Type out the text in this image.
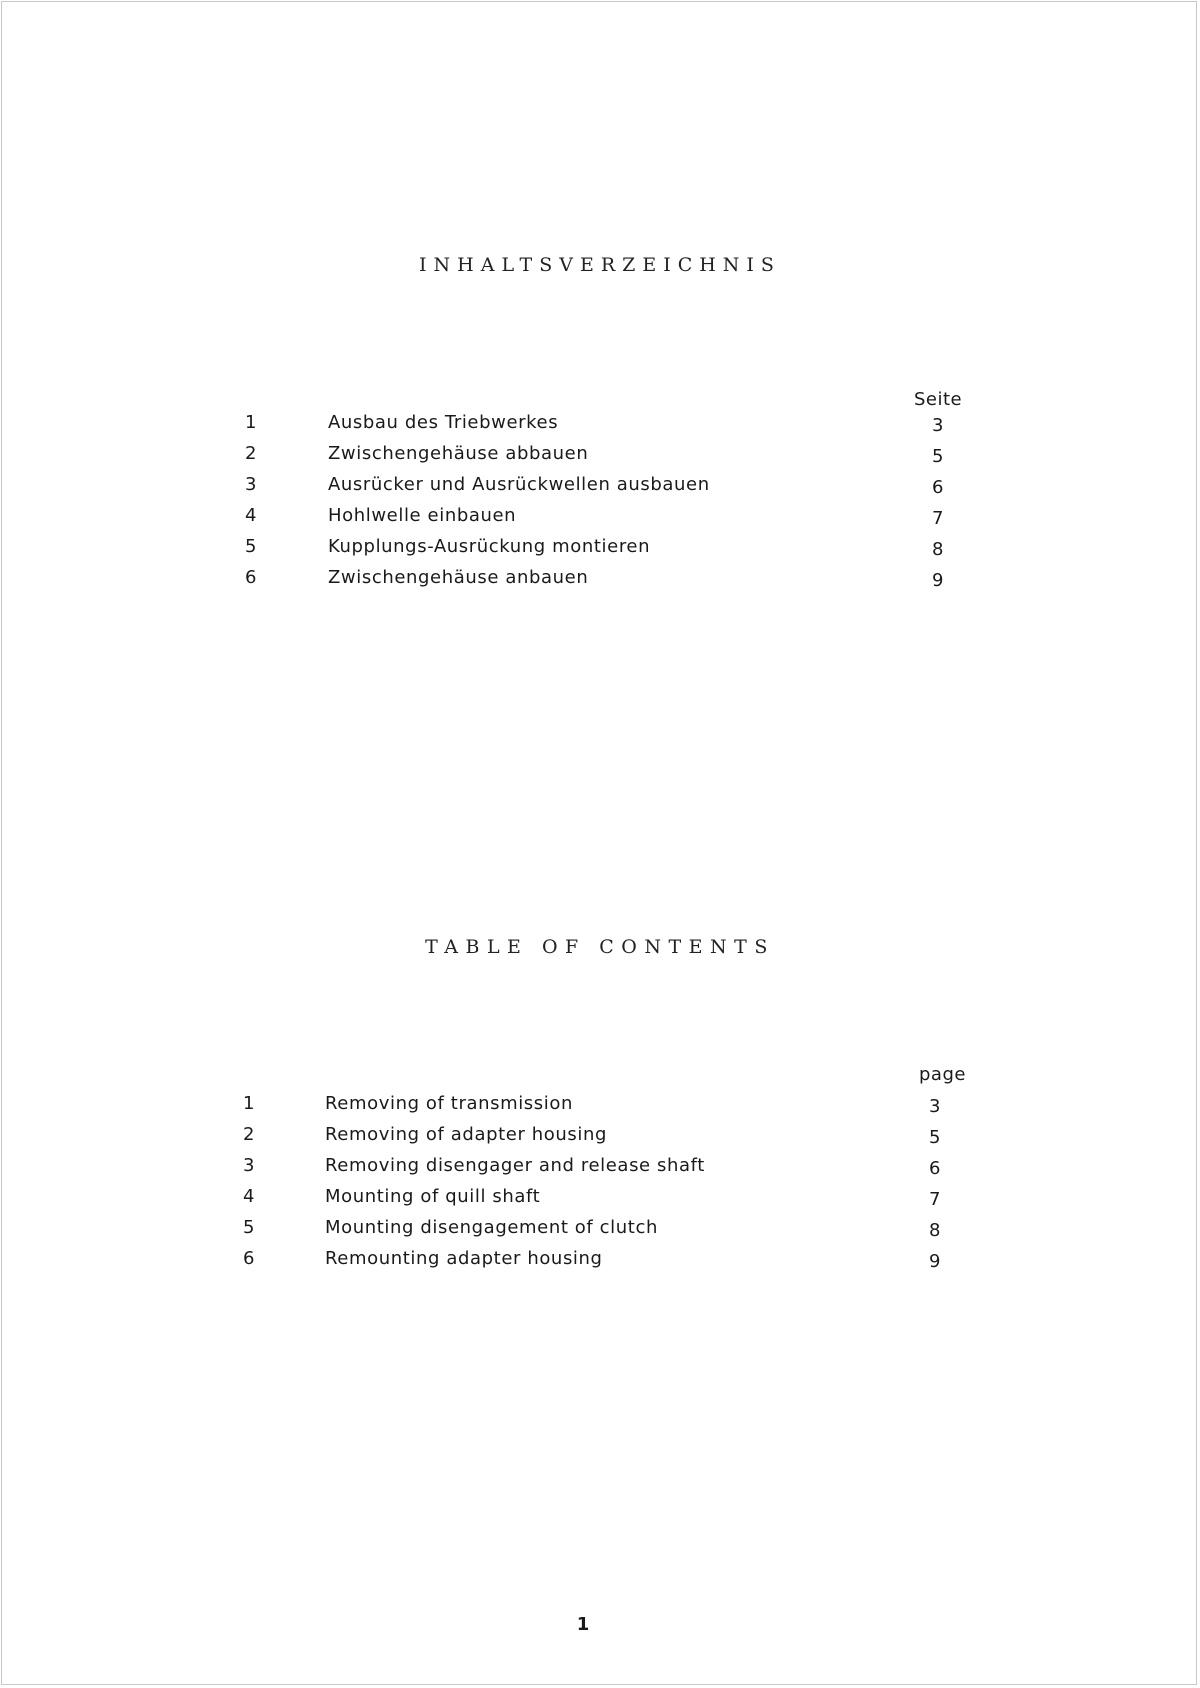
INHALTSVERZEICHNIS
Seite
1	Ausbau des Triebwerkes	3
2	Zwischengehäuse abbauen	5
3	Ausrücker und Ausrückwellen ausbauen	6
4	Hohlwelle einbauen	7
5	Kupplungs-Ausrückung montieren	8
6	Zwischengehäuse anbauen	9
TABLE OF CONTENTS
page
1	Removing of transmission	3
2	Removing of adapter housing	5
3	Removing disengager and release shaft	6
4	Mounting of quill shaft	7
5	Mounting disengagement of clutch	8
6	Remounting adapter housing	9
1
